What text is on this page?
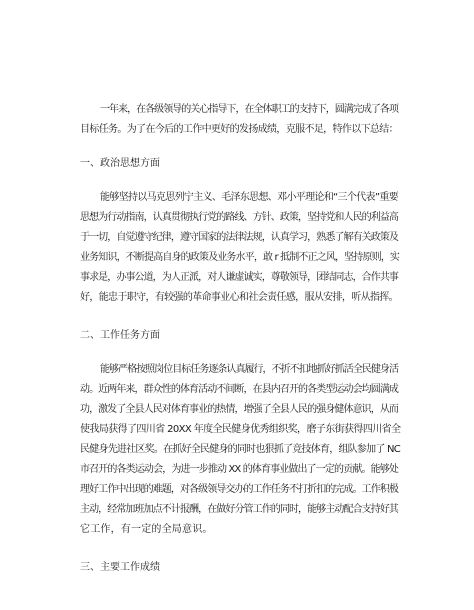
一年来，在各级领导的关心指导下，在全体职工的支持下，圆满完成了各项
目标任务。为了在今后的工作中更好的发扬成绩，克服不足，特作以下总结：
一、政治思想方面
能够坚持以马克思列宁主义、毛泽东思想、邓小平理论和“三个代表”重要
思想为行动指南，认真贯彻执行党的路线、方针、政策，坚持党和人民的利益高
于一切，自觉遵守纪律，遵守国家的法律法规，认真学习，熟悉了解有关政策及
业务知识，不断提高自身的政策及业务水平，敢 r 抵制不正之风，坚持原则，实
事求是，办事公道，为人正派，对人谦虚诚实，尊敬领导，团结同志，合作共事
好，能忠于职守，有较强的革命事业心和社会责任感，服从安排，听从指挥。
二、工作任务方面
能够严格按照岗位目标任务逐条认真履行，不折不扣地抓好抓活全民健身活
动。近两年来，群众性的体育活动不间断，在县内召开的各类型运动会均圆满成
功，激发了全县人民对体育事业的热情，增强了全县人民的强身健体意识，从而
使我局获得了四川省 20XX 年度全民健身优秀组织奖，磨子东街获得四川省全
民健身先进社区奖。在抓好全民健身的同时也狠抓了竞技体育，组队参加了 NC
市召开的各类运动会，为进一步推动 XX 的体育事业做出了一定的贡献。能够处
理好工作中出现的难题，对各级领导交办的工作任务不打折扣的完成。工作积极
主动，经常加班加点不计报酬，在做好分管工作的同时，能够主动配合支持好其
它工作，有一定的全局意识。
三、主要工作成绩
